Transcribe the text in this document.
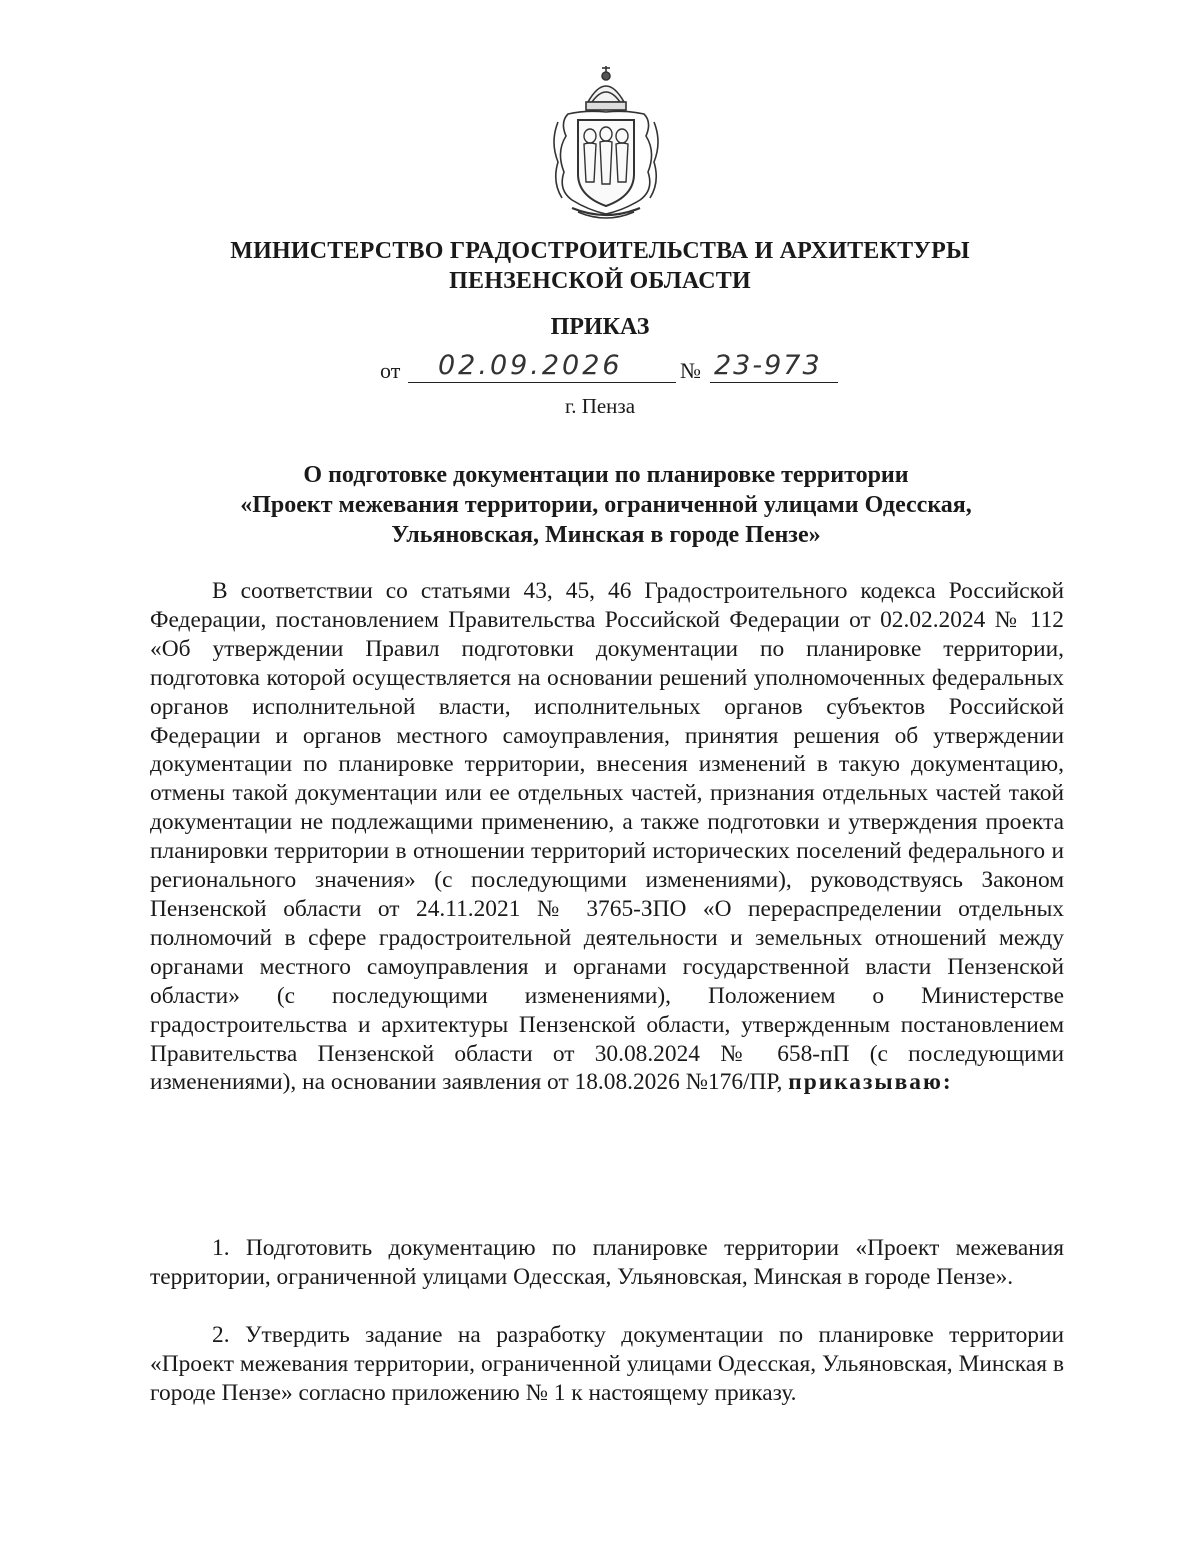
МИНИСТЕРСТВО ГРАДОСТРОИТЕЛЬСТВА И АРХИТЕКТУРЫ
ПЕНЗЕНСКОЙ ОБЛАСТИ
ПРИКАЗ
от 02.09.2026	№ 23-973
г. Пенза
О подготовке документации по планировке территории
«Проект межевания территории, ограниченной улицами Одесская,
Ульяновская, Минская в городе Пензе»
В соответствии со статьями 43, 45, 46 Градостроительного кодекса Российской Федерации, постановлением Правительства Российской Федерации от 02.02.2024 № 112 «Об утверждении Правил подготовки документации по планировке территории, подготовка которой осуществляется на основании решений уполномоченных федеральных органов исполнительной власти, исполнительных органов субъектов Российской Федерации и органов местного самоуправления, принятия решения об утверждении документации по планировке территории, внесения изменений в такую документацию, отмены такой документации или ее отдельных частей, признания отдельных частей такой документации не подлежащими применению, а также подготовки и утверждения проекта планировки территории в отношении территорий исторических поселений федерального и регионального значения» (с последующими изменениями), руководствуясь Законом Пензенской области от 24.11.2021 № 3765-ЗПО «О перераспределении отдельных полномочий в сфере градостроительной деятельности и земельных отношений между органами местного самоуправления и органами государственной власти Пензенской области» (с последующими изменениями), Положением о Министерстве градостроительства и архитектуры Пензенской области, утвержденным постановлением Правительства Пензенской области от 30.08.2024 № 658-пП (с последующими изменениями), на основании заявления от 18.08.2026 №176/ПР, приказываю:
1. Подготовить документацию по планировке территории «Проект межевания территории, ограниченной улицами Одесская, Ульяновская, Минская в городе Пензе».
2. Утвердить задание на разработку документации по планировке территории «Проект межевания территории, ограниченной улицами Одесская, Ульяновская, Минская в городе Пензе» согласно приложению № 1 к настоящему приказу.
